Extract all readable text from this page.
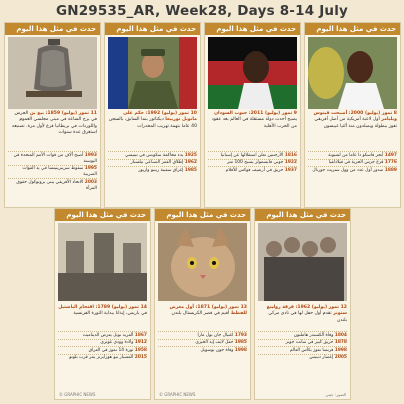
GN29535_AR, Week28, Days 8-14 July
حدث في مثل هذا اليوم
11 تموز (يوليو) 1859: بيغ بن الجرس في برج الساعة في مبنى مجلسي العموم واللوردات في بريطانيا قرع لأول مرة. تصنيعه استغرق عدة سنوات
1993 أصبح آلاف من قوات الأمم المتحدة في البوسنة
1995 سقوط سريبرينيتسا في يد القوات الصربية
2003 الاتحاد الأفريقي يبنى بروتوكول حقوق المرأة
حدث في مثل هذا اليوم
10 تموز (يوليو) 1992: حكم على مانويل نورييغا ديكتاتور بنما السابق، بالسجن 40 عاما بتهمة تهريب المخدرات
1925 بدء محاكمة سكوبس في تينيسي
1962 إطلاق القمر الصناعي تيلستار
1985 إغراق سفينة رينبو واريور
حدث في مثل هذا اليوم
9 تموز (يوليو) 2011: جنوب السودان يصبح أحدث دولة مستقلة في العالم بعد عقود من الحرب الأهلية
1816 الأرجنتين تعلن استقلالها عن إسبانيا
1922 جوني فايسمولر يسبح 100 متر
1937 حريق في أرشيف فوكس للأفلام
حدث في مثل هذا اليوم
8 تموز (يوليو) 2000: أصبحت فينوس ويليامز أول لاعبة أمريكية من أصل أفريقي تفوز ببطولة ويمبلدون منذ ألثيا غيبسون
1497 أبحر فاسكو دا غاما من لشبونة
1776 قرع جرس الحرية في فيلادلفيا
1889 صدور أول عدد من وول ستريت جورنال
حدث في مثل هذا اليوم
14 تموز (يوليو) 1789: اقتحام الباستيل في باريس، إيذانا ببداية الثورة الفرنسية
1867 ألفريد نوبل يعرض الديناميت
1912 ولادة وودي غوثري
1958 ثورة 14 تموز في العراق
2015 المسبار نيو هورايزنز يمر قرب بلوتو
© GRAPHIC NEWS
حدث في مثل هذا اليوم
13 تموز (يوليو) 1871: أول معرض للقطط أقيم في قصر الكريستال بلندن
1793 اغتيال جان بول مارا
1985 حفل لايف إيد الخيري
1998 وفاة جون بوسويل
© GRAPHIC NEWS
حدث في مثل هذا اليوم
12 تموز (يوليو) 1962: فرقة رولينغ ستونز تقدم أول حفل لها في نادي مركي بلندن
1804 وفاة ألكسندر هاملتون
1878 حريق كبير في سانت جونز
1998 فرنسا تفوز بكأس العالم
2005 إعصار دينيس
الصور: جيتي
